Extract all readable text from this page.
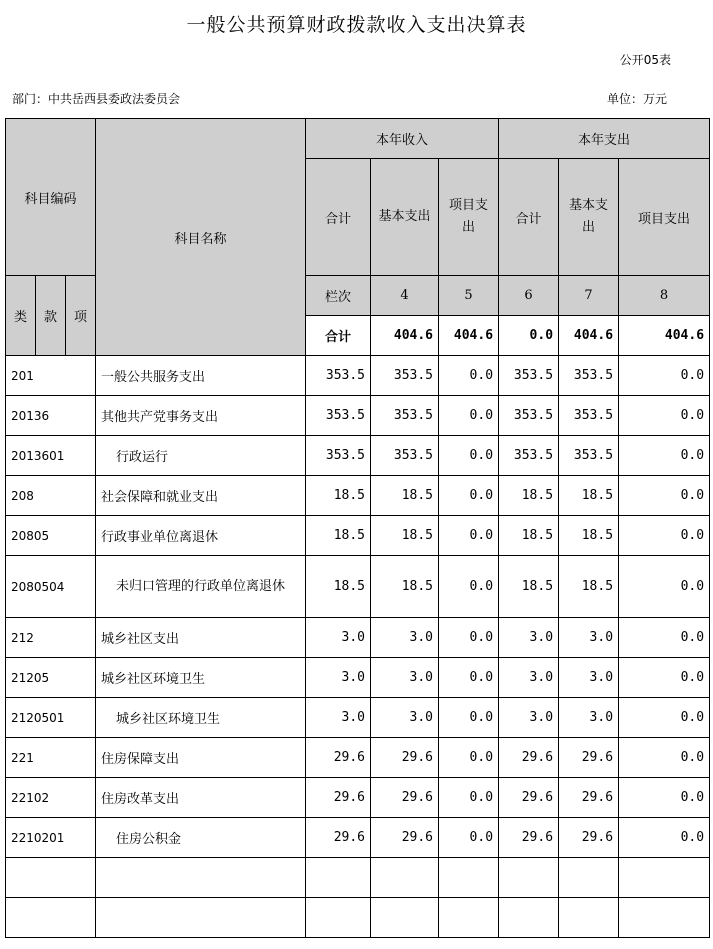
一般公共预算财政拨款收入支出决算表
公开05表
部门：中共岳西县委政法委员会	单位：万元
科目编码			科目名称	本年收入			本年支出			
				合计	基本支出	项目支出	合计	基本支出	项目支出	
类	款	项		栏次	4	5	6	7	8	
				合计	404.6	404.6	0.0	404.6	404.6	
201			一般公共服务支出	353.5	353.5	0.0	353.5	353.5	0.0	
20136			其他共产党事务支出	353.5	353.5	0.0	353.5	353.5	0.0	
2013601			行政运行	353.5	353.5	0.0	353.5	353.5	0.0	
208			社会保障和就业支出	18.5	18.5	0.0	18.5	18.5	0.0	
20805			行政事业单位离退休	18.5	18.5	0.0	18.5	18.5	0.0	
2080504			未归口管理的行政单位离退休	18.5	18.5	0.0	18.5	18.5	0.0	
212			城乡社区支出	3.0	3.0	0.0	3.0	3.0	0.0	
21205			城乡社区环境卫生	3.0	3.0	0.0	3.0	3.0	0.0	
2120501			城乡社区环境卫生	3.0	3.0	0.0	3.0	3.0	0.0	
221			住房保障支出	29.6	29.6	0.0	29.6	29.6	0.0	
22102			住房改革支出	29.6	29.6	0.0	29.6	29.6	0.0	
2210201			住房公积金	29.6	29.6	0.0	29.6	29.6	0.0	
